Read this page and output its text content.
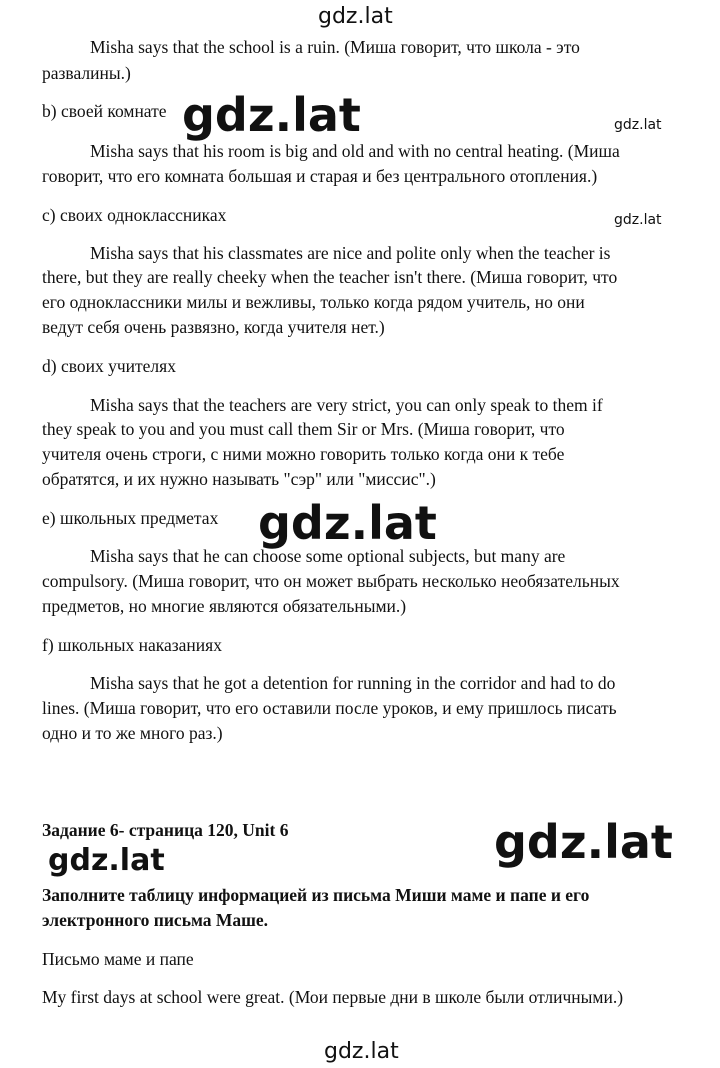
gdz.lat
Misha says that the school is a ruin. (Миша говорит, что школа - это
развалины.)
b) своей комнате gdz.lat	gdz.lat
Misha says that his room is big and old and with no central heating. (Миша
говорит, что его комната большая и старая и без центрального отопления.)
c) своих одноклассниках	gdz.lat
Misha says that his classmates are nice and polite only when the teacher is
there, but they are really cheeky when the teacher isn't there. (Миша говорит, что
его одноклассники милы и вежливы, только когда рядом учитель, но они
ведут себя очень развязно, когда учителя нет.)
d) своих учителях
Misha says that the teachers are very strict, you can only speak to them if
they speak to you and you must call them Sir or Mrs. (Миша говорит, что
учителя очень строги, с ними можно говорить только когда они к тебе
обратятся, и их нужно называть "сэр" или "миссис".)
e) школьных предметах gdz.lat
Misha says that he can choose some optional subjects, but many are
compulsory. (Миша говорит, что он может выбрать несколько необязательных
предметов, но многие являются обязательными.)
f) школьных наказаниях
Misha says that he got a detention for running in the corridor and had to do
lines. (Миша говорит, что его оставили после уроков, и ему пришлось писать
одно и то же много раз.)
Задание 6- страница 120, Unit 6
gdz.lat	gdz.lat
Заполните таблицу информацией из письма Миши маме и папе и его
электронного письма Маше.
Письмо маме и папе
My first days at school were great. (Мои первые дни в школе были отличными.)
gdz.lat
